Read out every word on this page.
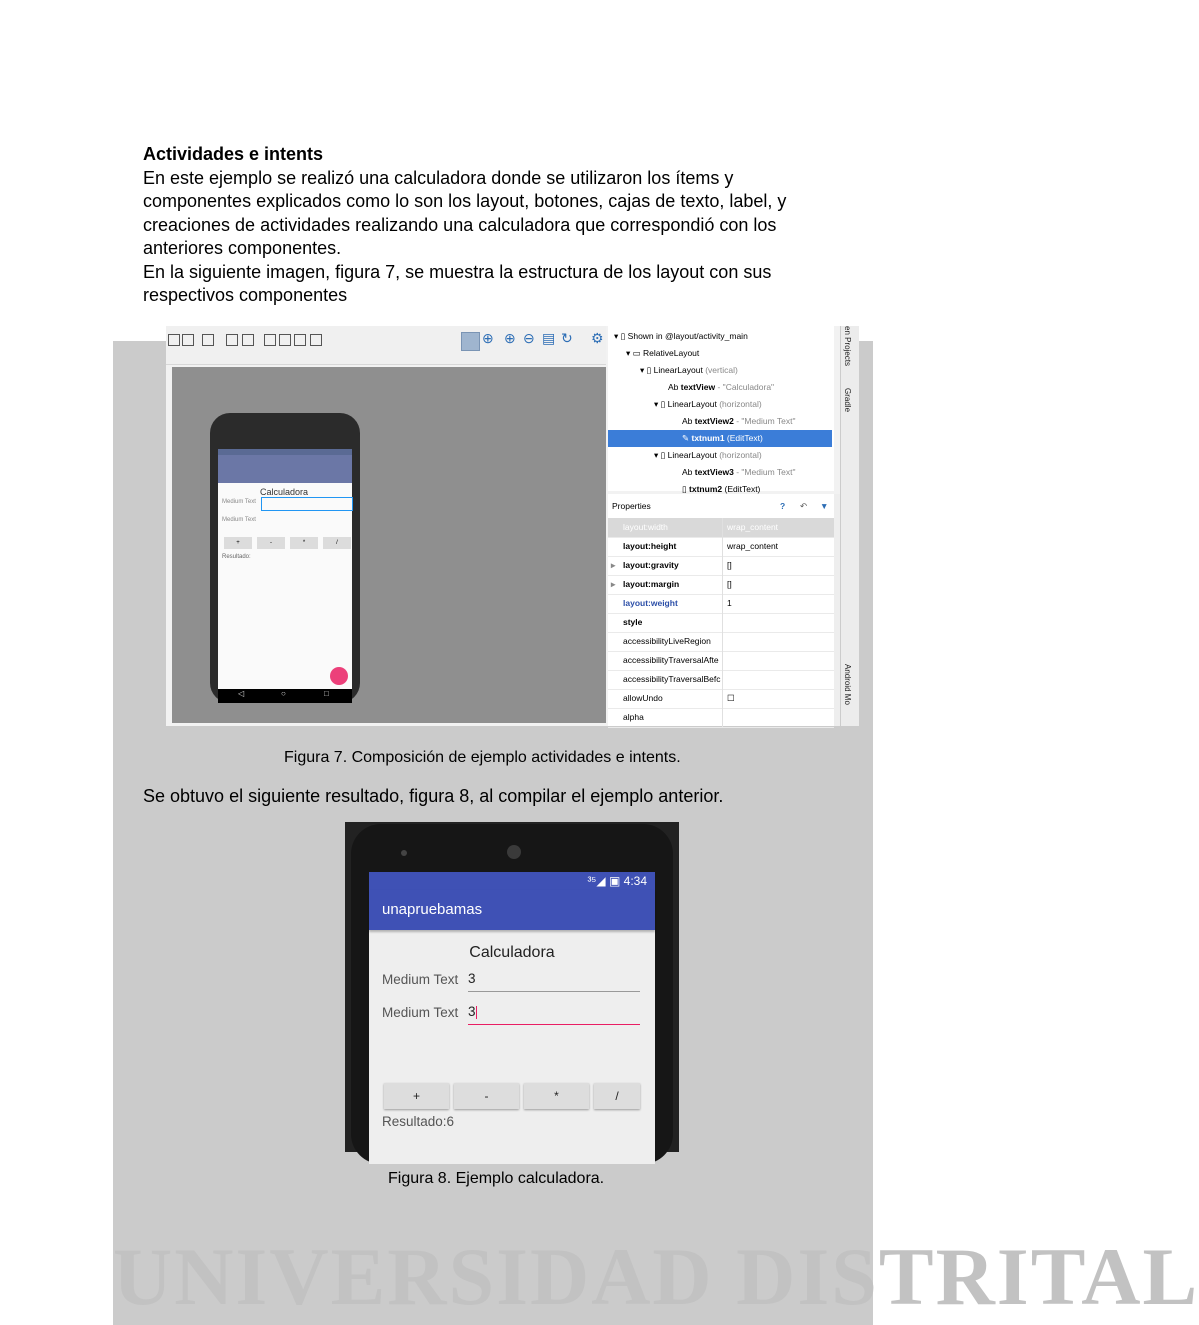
UNIVERSIDAD DISTRITAL

Actividades e intents

En este ejemplo se realizó una calculadora donde se utilizaron los ítems y
componentes explicados como lo son los layout, botones, cajas de texto, label, y
creaciones de actividades realizando una calculadora que correspondió con los
anteriores componentes.

En la siguiente imagen, figura 7, se muestra la estructura de los layout con sus
respectivos componentes

⊕ ⊕ ⊖ ▤ ↻ ⚙
Calculadora
Medium Text
Medium Text
+	-	*	/
Resultado:
◁	○	□
▾ ▯ Shown in @layout/activity_main
▾ ▭ RelativeLayout
▾ ▯ LinearLayout (vertical)
Ab textView - "Calculadora"
▾ ▯ LinearLayout (horizontal)
Ab textView2 - "Medium Text"
✎ txtnum1 (EditText)
▾ ▯ LinearLayout (horizontal)
Ab textView3 - "Medium Text"
▯ txtnum2 (EditText)
Properties	? ↶ ▼
layout:width	wrap_content
layout:height	wrap_content
▸ layout:gravity	[]
▸ layout:margin	[]
layout:weight	1
style
accessibilityLiveRegion
accessibilityTraversalAfte
accessibilityTraversalBefc
allowUndo	☐
alpha
en Projects
Gradle
Android Mo
Figura 7. Composición de ejemplo actividades e intents.
Se obtuvo el siguiente resultado, figura 8, al compilar el ejemplo anterior.
³⁵◢ ▣ 4:34
unapruebamas
Calculadora
Medium Text 3
Medium Text 3
+	-	*	/
Resultado:6
Figura 8. Ejemplo calculadora.
